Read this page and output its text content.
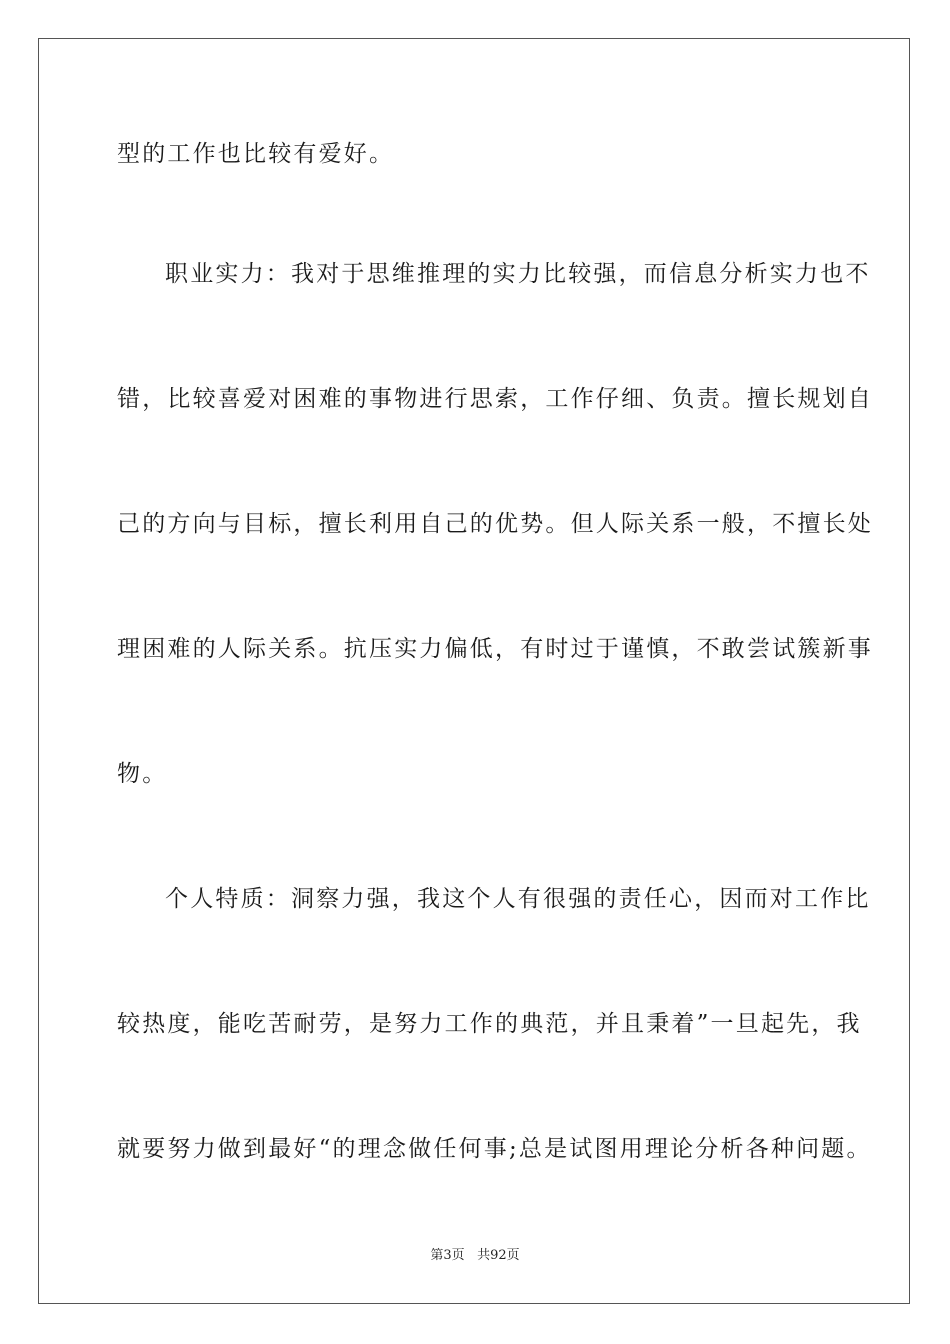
型的工作也比较有爱好。
职业实力：我对于思维推理的实力比较强，而信息分析实力也不
错，比较喜爱对困难的事物进行思索，工作仔细、负责。擅长规划自
己的方向与目标，擅长利用自己的优势。但人际关系一般，不擅长处
理困难的人际关系。抗压实力偏低，有时过于谨慎，不敢尝试簇新事
物。
个人特质：洞察力强，我这个人有很强的责任心，因而对工作比
较热度，能吃苦耐劳，是努力工作的典范，并且秉着”一旦起先，我
就要努力做到最好“的理念做任何事;总是试图用理论分析各种问题。
第3页 共92页
